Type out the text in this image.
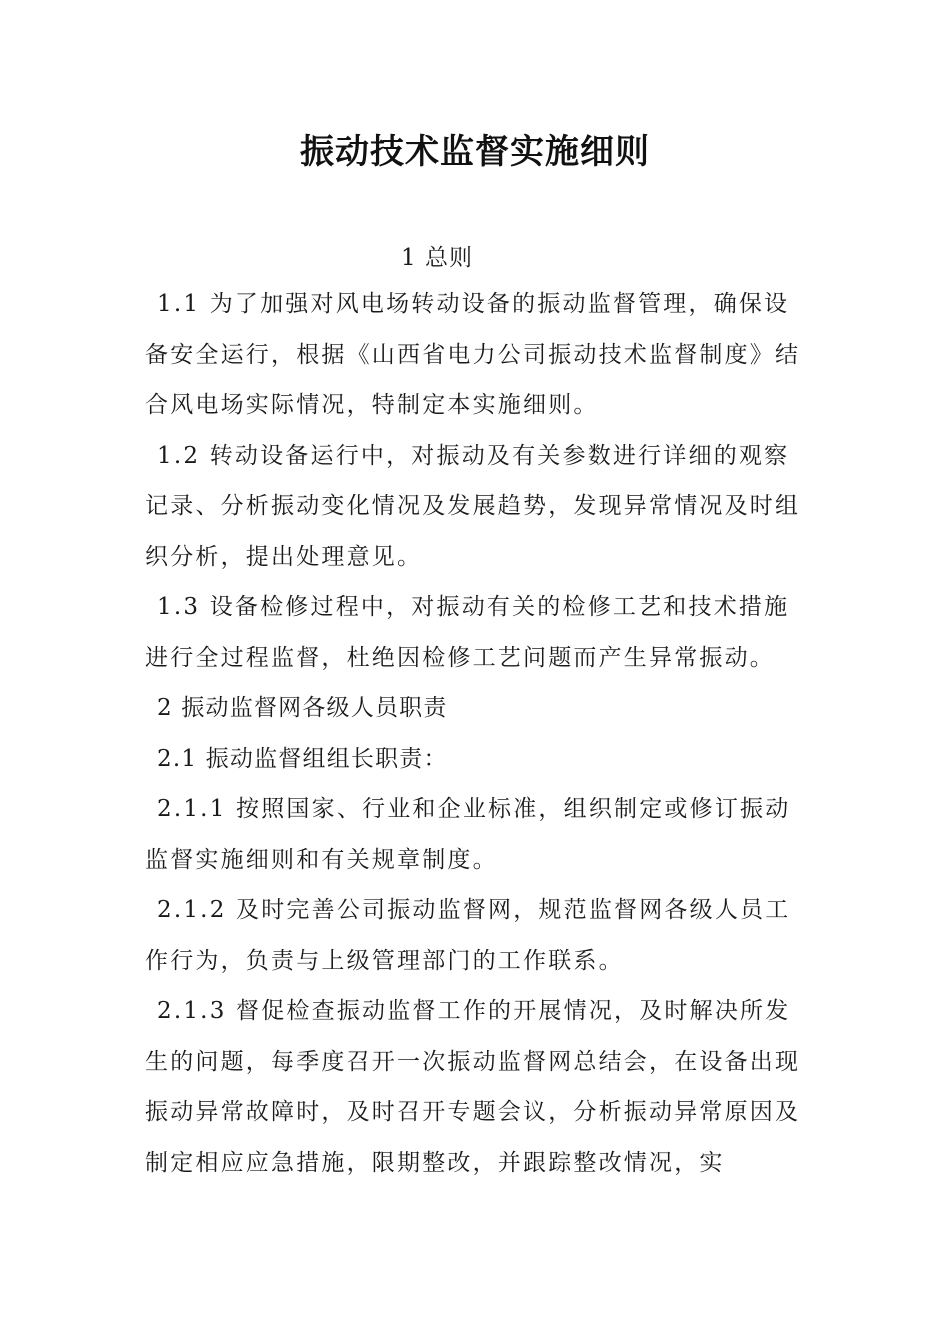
振动技术监督实施细则
1 总则

1.1 为了加强对风电场转动设备的振动监督管理，确保设备安全运行，根据《山西省电力公司振动技术监督制度》结合风电场实际情况，特制定本实施细则。

1.2 转动设备运行中，对振动及有关参数进行详细的观察记录、分析振动变化情况及发展趋势，发现异常情况及时组织分析，提出处理意见。

1.3 设备检修过程中，对振动有关的检修工艺和技术措施进行全过程监督，杜绝因检修工艺问题而产生异常振动。

2 振动监督网各级人员职责

2.1 振动监督组组长职责：

2.1.1 按照国家、行业和企业标准，组织制定或修订振动监督实施细则和有关规章制度。

2.1.2 及时完善公司振动监督网，规范监督网各级人员工作行为，负责与上级管理部门的工作联系。

2.1.3 督促检查振动监督工作的开展情况，及时解决所发生的问题，每季度召开一次振动监督网总结会，在设备出现振动异常故障时，及时召开专题会议，分析振动异常原因及制定相应应急措施，限期整改，并跟踪整改情况，实
